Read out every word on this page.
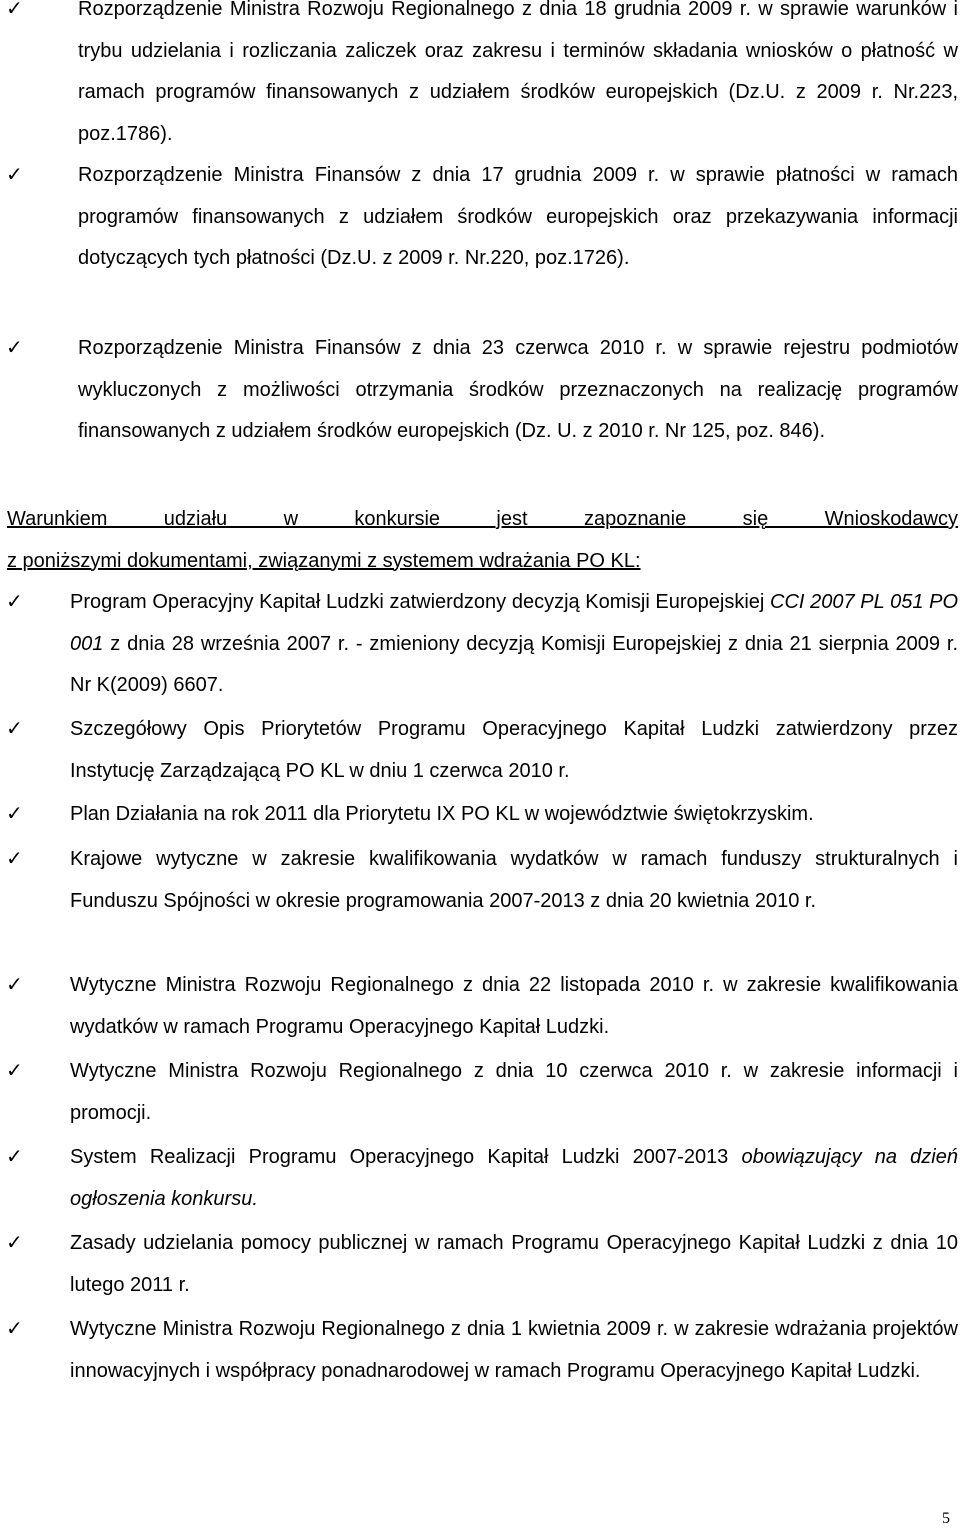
✓	Rozporządzenie Ministra Rozwoju Regionalnego z dnia 18 grudnia 2009 r. w sprawie warunków i trybu udzielania i rozliczania zaliczek oraz zakresu i terminów składania wniosków o płatność w ramach programów finansowanych z udziałem środków europejskich (Dz.U. z 2009 r. Nr.223, poz.1786).
✓	Rozporządzenie Ministra Finansów z dnia 17 grudnia 2009 r. w sprawie płatności w ramach programów finansowanych z udziałem środków europejskich oraz przekazywania informacji dotyczących tych płatności (Dz.U. z 2009 r. Nr.220, poz.1726).
✓	Rozporządzenie Ministra Finansów z dnia 23 czerwca 2010 r. w sprawie rejestru podmiotów wykluczonych z możliwości otrzymania środków przeznaczonych na realizację programów finansowanych z udziałem środków europejskich (Dz. U. z 2010 r. Nr 125, poz. 846).
Warunkiem udziału w konkursie jest zapoznanie się Wnioskodawcy
z poniższymi dokumentami, związanymi z systemem wdrażania PO KL:
✓ Program Operacyjny Kapitał Ludzki zatwierdzony decyzją Komisji Europejskiej CCI 2007 PL 051 PO 001 z dnia 28 września 2007 r. - zmieniony decyzją Komisji Europejskiej z dnia 21 sierpnia 2009 r. Nr K(2009) 6607.
✓ Szczegółowy Opis Priorytetów Programu Operacyjnego Kapitał Ludzki zatwierdzony przez Instytucję Zarządzającą PO KL w dniu 1 czerwca 2010 r.
✓ Plan Działania na rok 2011 dla Priorytetu IX PO KL w województwie świętokrzyskim.
✓ Krajowe wytyczne w zakresie kwalifikowania wydatków w ramach funduszy strukturalnych i Funduszu Spójności w okresie programowania 2007-2013 z dnia 20 kwietnia 2010 r.
✓ Wytyczne Ministra Rozwoju Regionalnego z dnia 22 listopada 2010 r. w zakresie kwalifikowania wydatków w ramach Programu Operacyjnego Kapitał Ludzki.
✓ Wytyczne Ministra Rozwoju Regionalnego z dnia 10 czerwca 2010 r. w zakresie informacji i promocji.
✓ System Realizacji Programu Operacyjnego Kapitał Ludzki 2007-2013 obowiązujący na dzień ogłoszenia konkursu.
✓ Zasady udzielania pomocy publicznej w ramach Programu Operacyjnego Kapitał Ludzki z dnia 10 lutego 2011 r.
✓ Wytyczne Ministra Rozwoju Regionalnego z dnia 1 kwietnia 2009 r. w zakresie wdrażania projektów innowacyjnych i współpracy ponadnarodowej w ramach Programu Operacyjnego Kapitał Ludzki.
5
